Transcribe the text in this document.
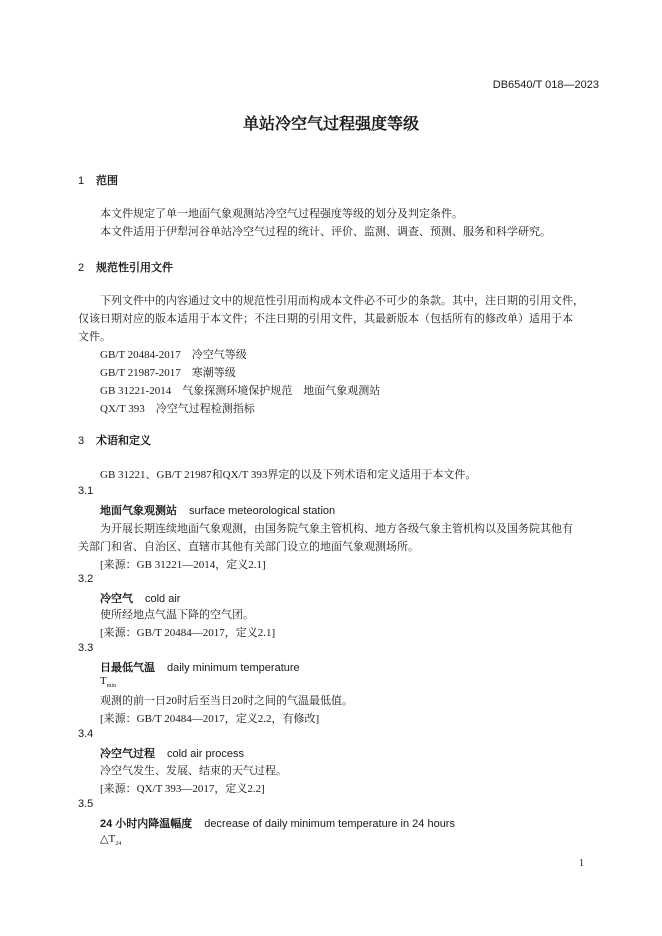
DB6540/T 018—2023
单站冷空气过程强度等级
1 范围
本文件规定了单一地面气象观测站冷空气过程强度等级的划分及判定条件。
本文件适用于伊犁河谷单站冷空气过程的统计、评价、监测、调查、预测、服务和科学研究。
2 规范性引用文件
下列文件中的内容通过文中的规范性引用而构成本文件必不可少的条款。其中，注日期的引用文件，
仅该日期对应的版本适用于本文件；不注日期的引用文件，其最新版本（包括所有的修改单）适用于本
文件。
GB/T 20484-2017　冷空气等级
GB/T 21987-2017　寒潮等级
GB 31221-2014　气象探测环境保护规范　地面气象观测站
QX/T 393　冷空气过程检测指标
3 术语和定义
GB 31221、GB/T 21987和QX/T 393界定的以及下列术语和定义适用于本文件。
3.1
地面气象观测站 surface meteorological station
为开展长期连续地面气象观测，由国务院气象主管机构、地方各级气象主管机构以及国务院其他有
关部门和省、自治区、直辖市其他有关部门设立的地面气象观测场所。
[来源：GB 31221—2014，定义2.1]
3.2
冷空气 cold air
使所经地点气温下降的空气团。
[来源：GB/T 20484—2017，定义2.1]
3.3
日最低气温 daily minimum temperature
$T_{min}$
观测的前一日20时后至当日20时之间的气温最低值。
[来源：GB/T 20484—2017，定义2.2，有修改]
3.4
冷空气过程 cold air process
冷空气发生、发展、结束的天气过程。
[来源：QX/T 393—2017，定义2.2]
3.5
24 小时内降温幅度 decrease of daily minimum temperature in 24 hours
$\triangle T_{24}$
1
